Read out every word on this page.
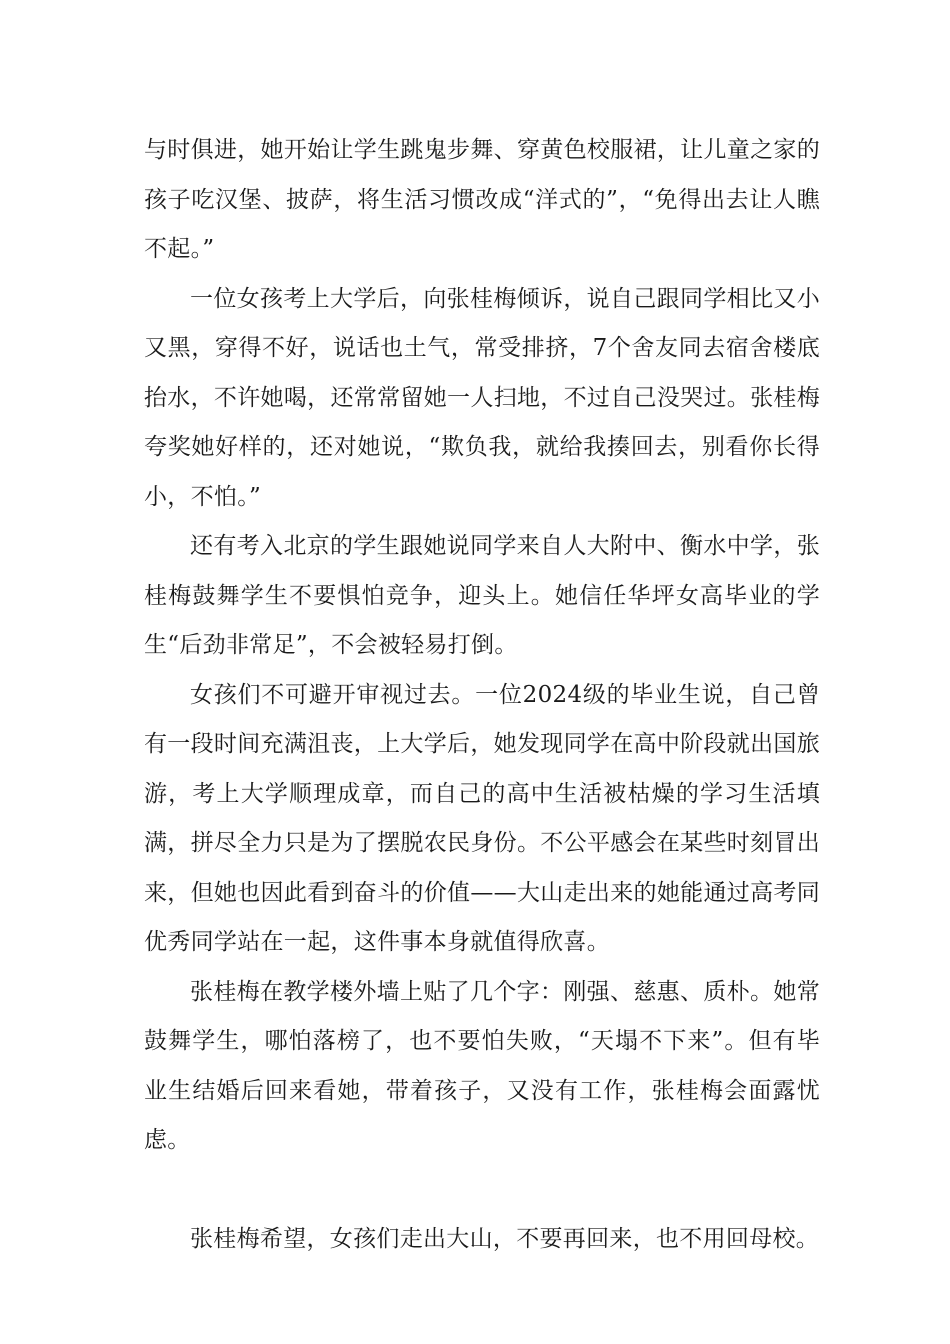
与时俱进，她开始让学生跳鬼步舞、穿黄色校服裙，让儿童之家的孩子吃汉堡、披萨，将生活习惯改成“洋式的”，“免得出去让人瞧不起。”

一位女孩考上大学后，向张桂梅倾诉，说自己跟同学相比又小又黑，穿得不好，说话也土气，常受排挤，7个舍友同去宿舍楼底抬水，不许她喝，还常常留她一人扫地，不过自己没哭过。张桂梅夸奖她好样的，还对她说，“欺负我，就给我揍回去，别看你长得小，不怕。”

还有考入北京的学生跟她说同学来自人大附中、衡水中学，张桂梅鼓舞学生不要惧怕竞争，迎头上。她信任华坪女高毕业的学生“后劲非常足”，不会被轻易打倒。

女孩们不可避开审视过去。一位2024级的毕业生说，自己曾有一段时间充满沮丧，上大学后，她发现同学在高中阶段就出国旅游，考上大学顺理成章，而自己的高中生活被枯燥的学习生活填满，拼尽全力只是为了摆脱农民身份。不公平感会在某些时刻冒出来，但她也因此看到奋斗的价值——大山走出来的她能通过高考同优秀同学站在一起，这件事本身就值得欣喜。

张桂梅在教学楼外墙上贴了几个字：刚强、慈惠、质朴。她常鼓舞学生，哪怕落榜了，也不要怕失败，“天塌不下来”。但有毕业生结婚后回来看她，带着孩子，又没有工作，张桂梅会面露忧虑。

张桂梅希望，女孩们走出大山，不要再回来，也不用回母校。
